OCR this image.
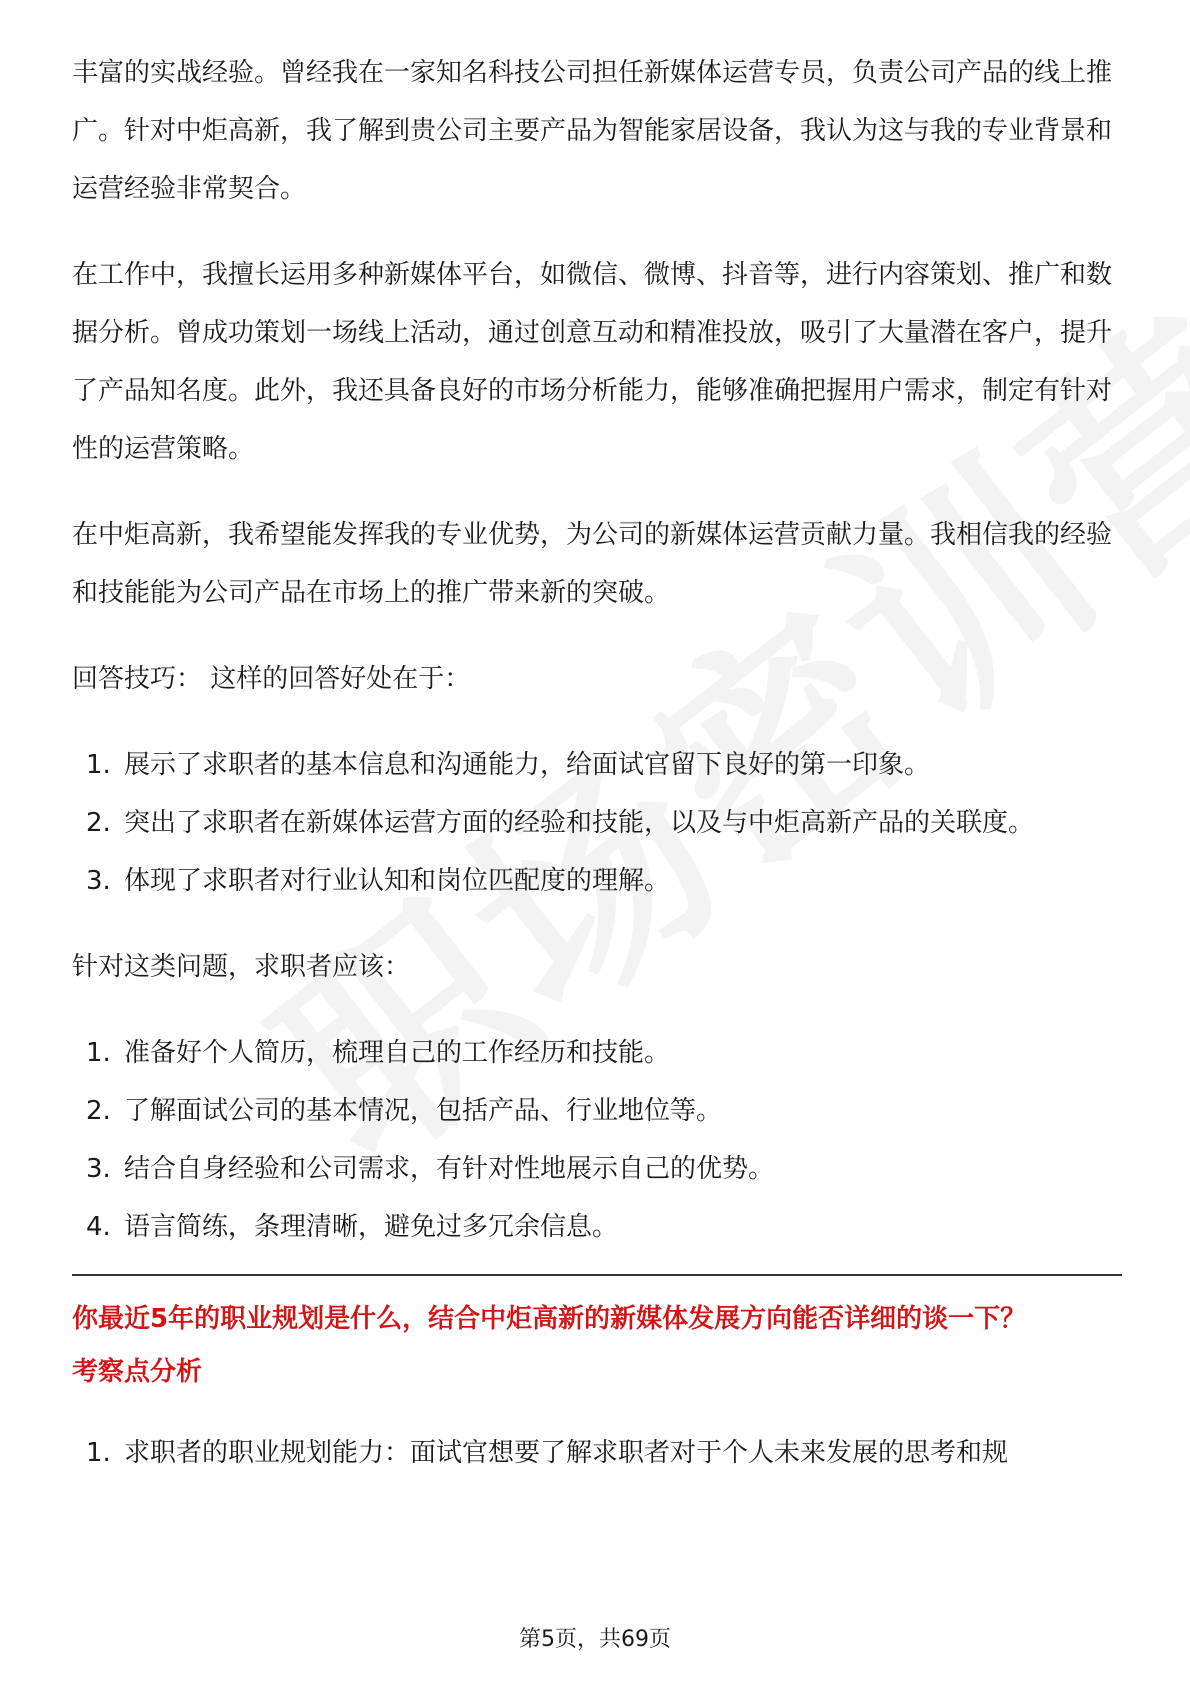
丰富的实战经验。曾经我在一家知名科技公司担任新媒体运营专员，负责公司产品的线上推广。针对中炬高新，我了解到贵公司主要产品为智能家居设备，我认为这与我的专业背景和运营经验非常契合。

在工作中，我擅长运用多种新媒体平台，如微信、微博、抖音等，进行内容策划、推广和数据分析。曾成功策划一场线上活动，通过创意互动和精准投放，吸引了大量潜在客户，提升了产品知名度。此外，我还具备良好的市场分析能力，能够准确把握用户需求，制定有针对性的运营策略。

在中炬高新，我希望能发挥我的专业优势，为公司的新媒体运营贡献力量。我相信我的经验和技能能为公司产品在市场上的推广带来新的突破。

回答技巧： 这样的回答好处在于：

1. 展示了求职者的基本信息和沟通能力，给面试官留下良好的第一印象。
2. 突出了求职者在新媒体运营方面的经验和技能，以及与中炬高新产品的关联度。
3. 体现了求职者对行业认知和岗位匹配度的理解。

针对这类问题，求职者应该：

1. 准备好个人简历，梳理自己的工作经历和技能。
2. 了解面试公司的基本情况，包括产品、行业地位等。
3. 结合自身经验和公司需求，有针对性地展示自己的优势。
4. 语言简练，条理清晰，避免过多冗余信息。

你最近5年的职业规划是什么，结合中炬高新的新媒体发展方向能否详细的谈一下？

考察点分析

1. 求职者的职业规划能力：面试官想要了解求职者对于个人未来发展的思考和规
第5页，共69页
